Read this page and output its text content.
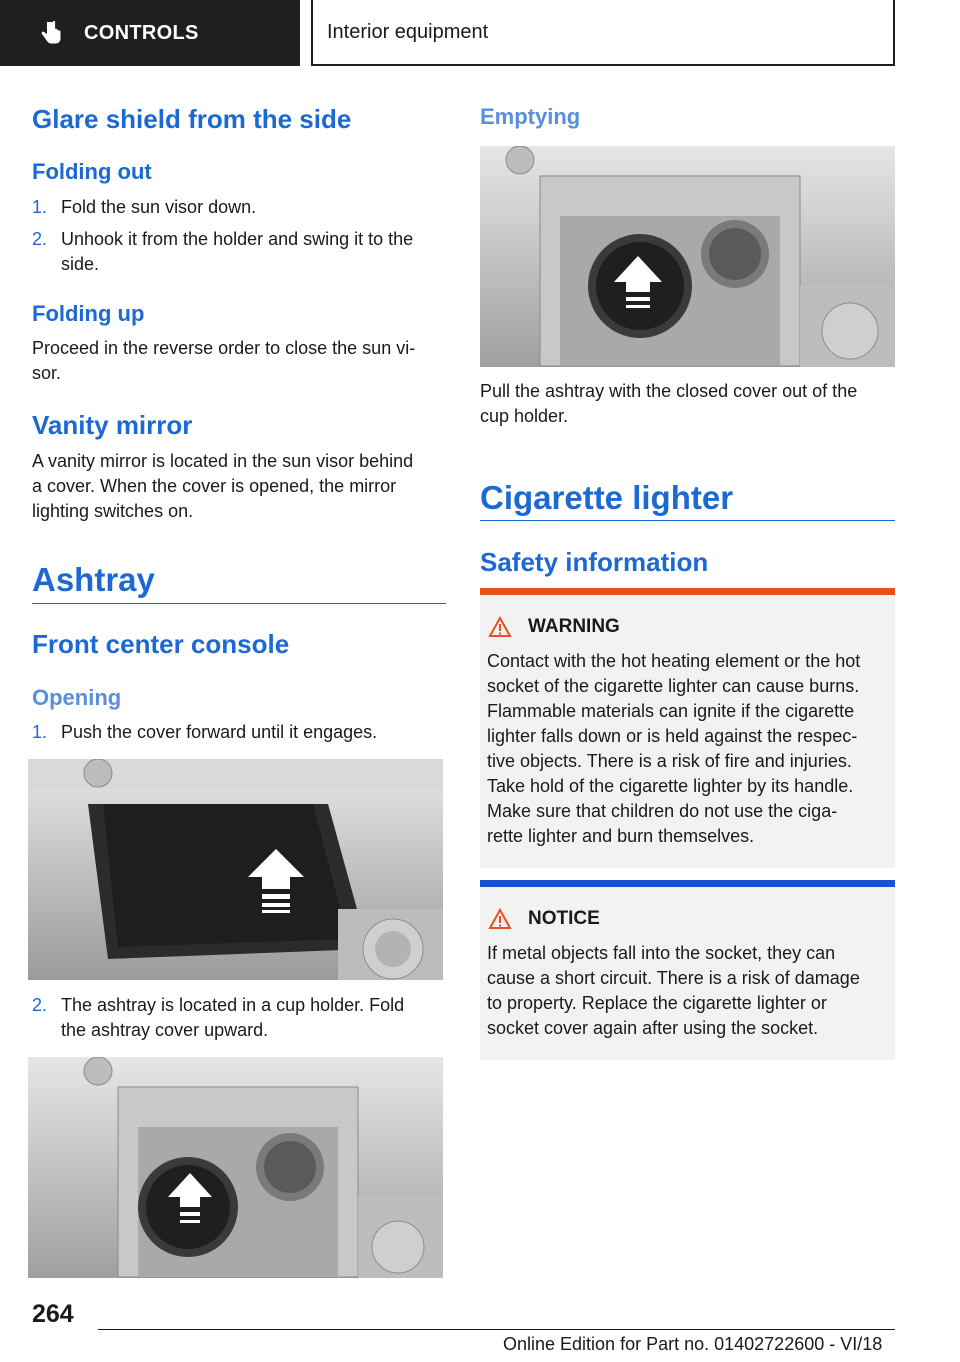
CONTROLS	Interior equipment
Glare shield from the side
Folding out
1. Fold the sun visor down.
2. Unhook it from the holder and swing it to the
side.
Folding up
Proceed in the reverse order to close the sun vi‐
sor.
Vanity mirror
A vanity mirror is located in the sun visor behind
a cover. When the cover is opened, the mirror
lighting switches on.
Ashtray
Front center console
Opening
1. Push the cover forward until it engages.
2. The ashtray is located in a cup holder. Fold
the ashtray cover upward.
Emptying
Pull the ashtray with the closed cover out of the
cup holder.
Cigarette lighter
Safety information
WARNING
Contact with the hot heating element or the hot
socket of the cigarette lighter can cause burns.
Flammable materials can ignite if the cigarette
lighter falls down or is held against the respec‐
tive objects. There is a risk of fire and injuries.
Take hold of the cigarette lighter by its handle.
Make sure that children do not use the ciga‐
rette lighter and burn themselves.
NOTICE
If metal objects fall into the socket, they can
cause a short circuit. There is a risk of damage
to property. Replace the cigarette lighter or
socket cover again after using the socket.
264
Online Edition for Part no. 01402722600 - VI/18
